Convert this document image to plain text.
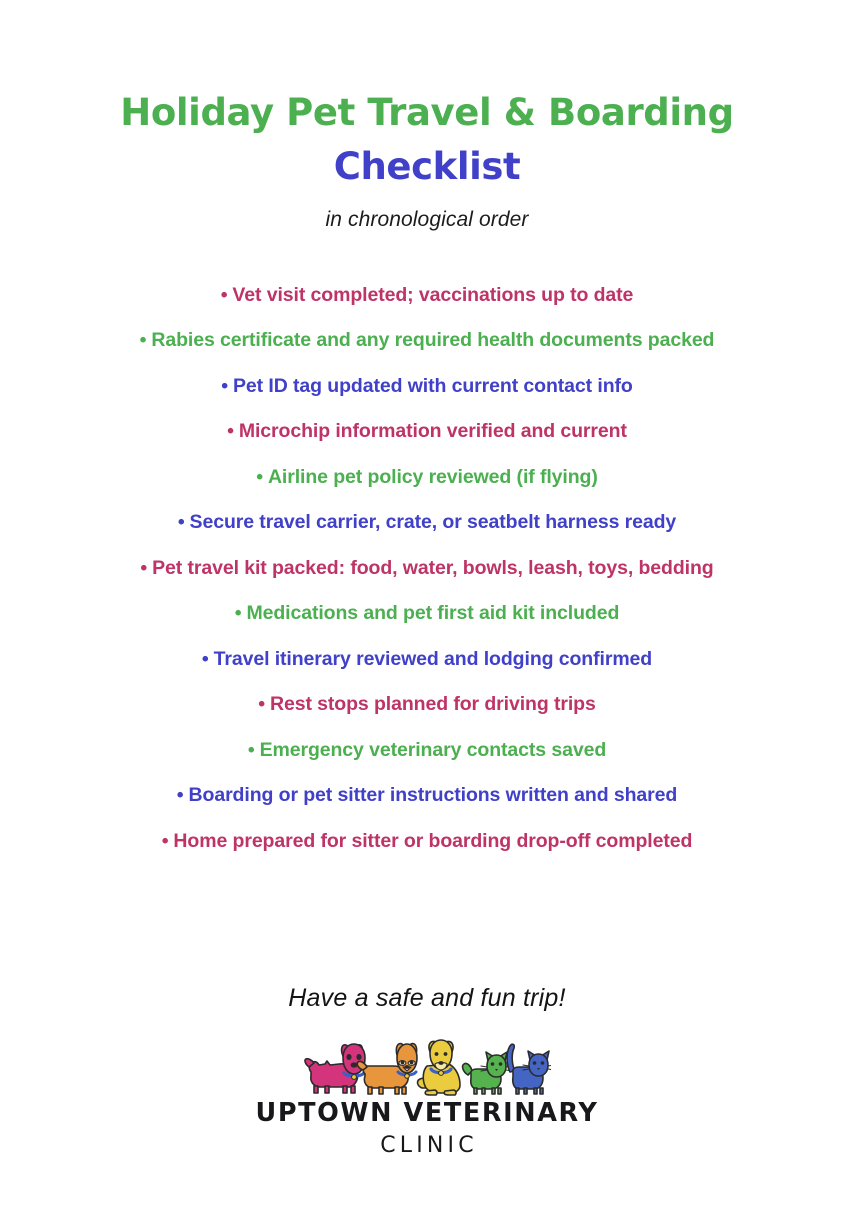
Holiday Pet Travel & Boarding
Checklist

in chronological order

• Vet visit completed; vaccinations up to date
• Rabies certificate and any required health documents packed
• Pet ID tag updated with current contact info
• Microchip information verified and current
• Airline pet policy reviewed (if flying)
• Secure travel carrier, crate, or seatbelt harness ready
• Pet travel kit packed: food, water, bowls, leash, toys, bedding
• Medications and pet first aid kit included
• Travel itinerary reviewed and lodging confirmed
• Rest stops planned for driving trips
• Emergency veterinary contacts saved
• Boarding or pet sitter instructions written and shared
• Home prepared for sitter or boarding drop-off completed

Have a safe and fun trip!

UPTOWN VETERINARY

CLINIC
